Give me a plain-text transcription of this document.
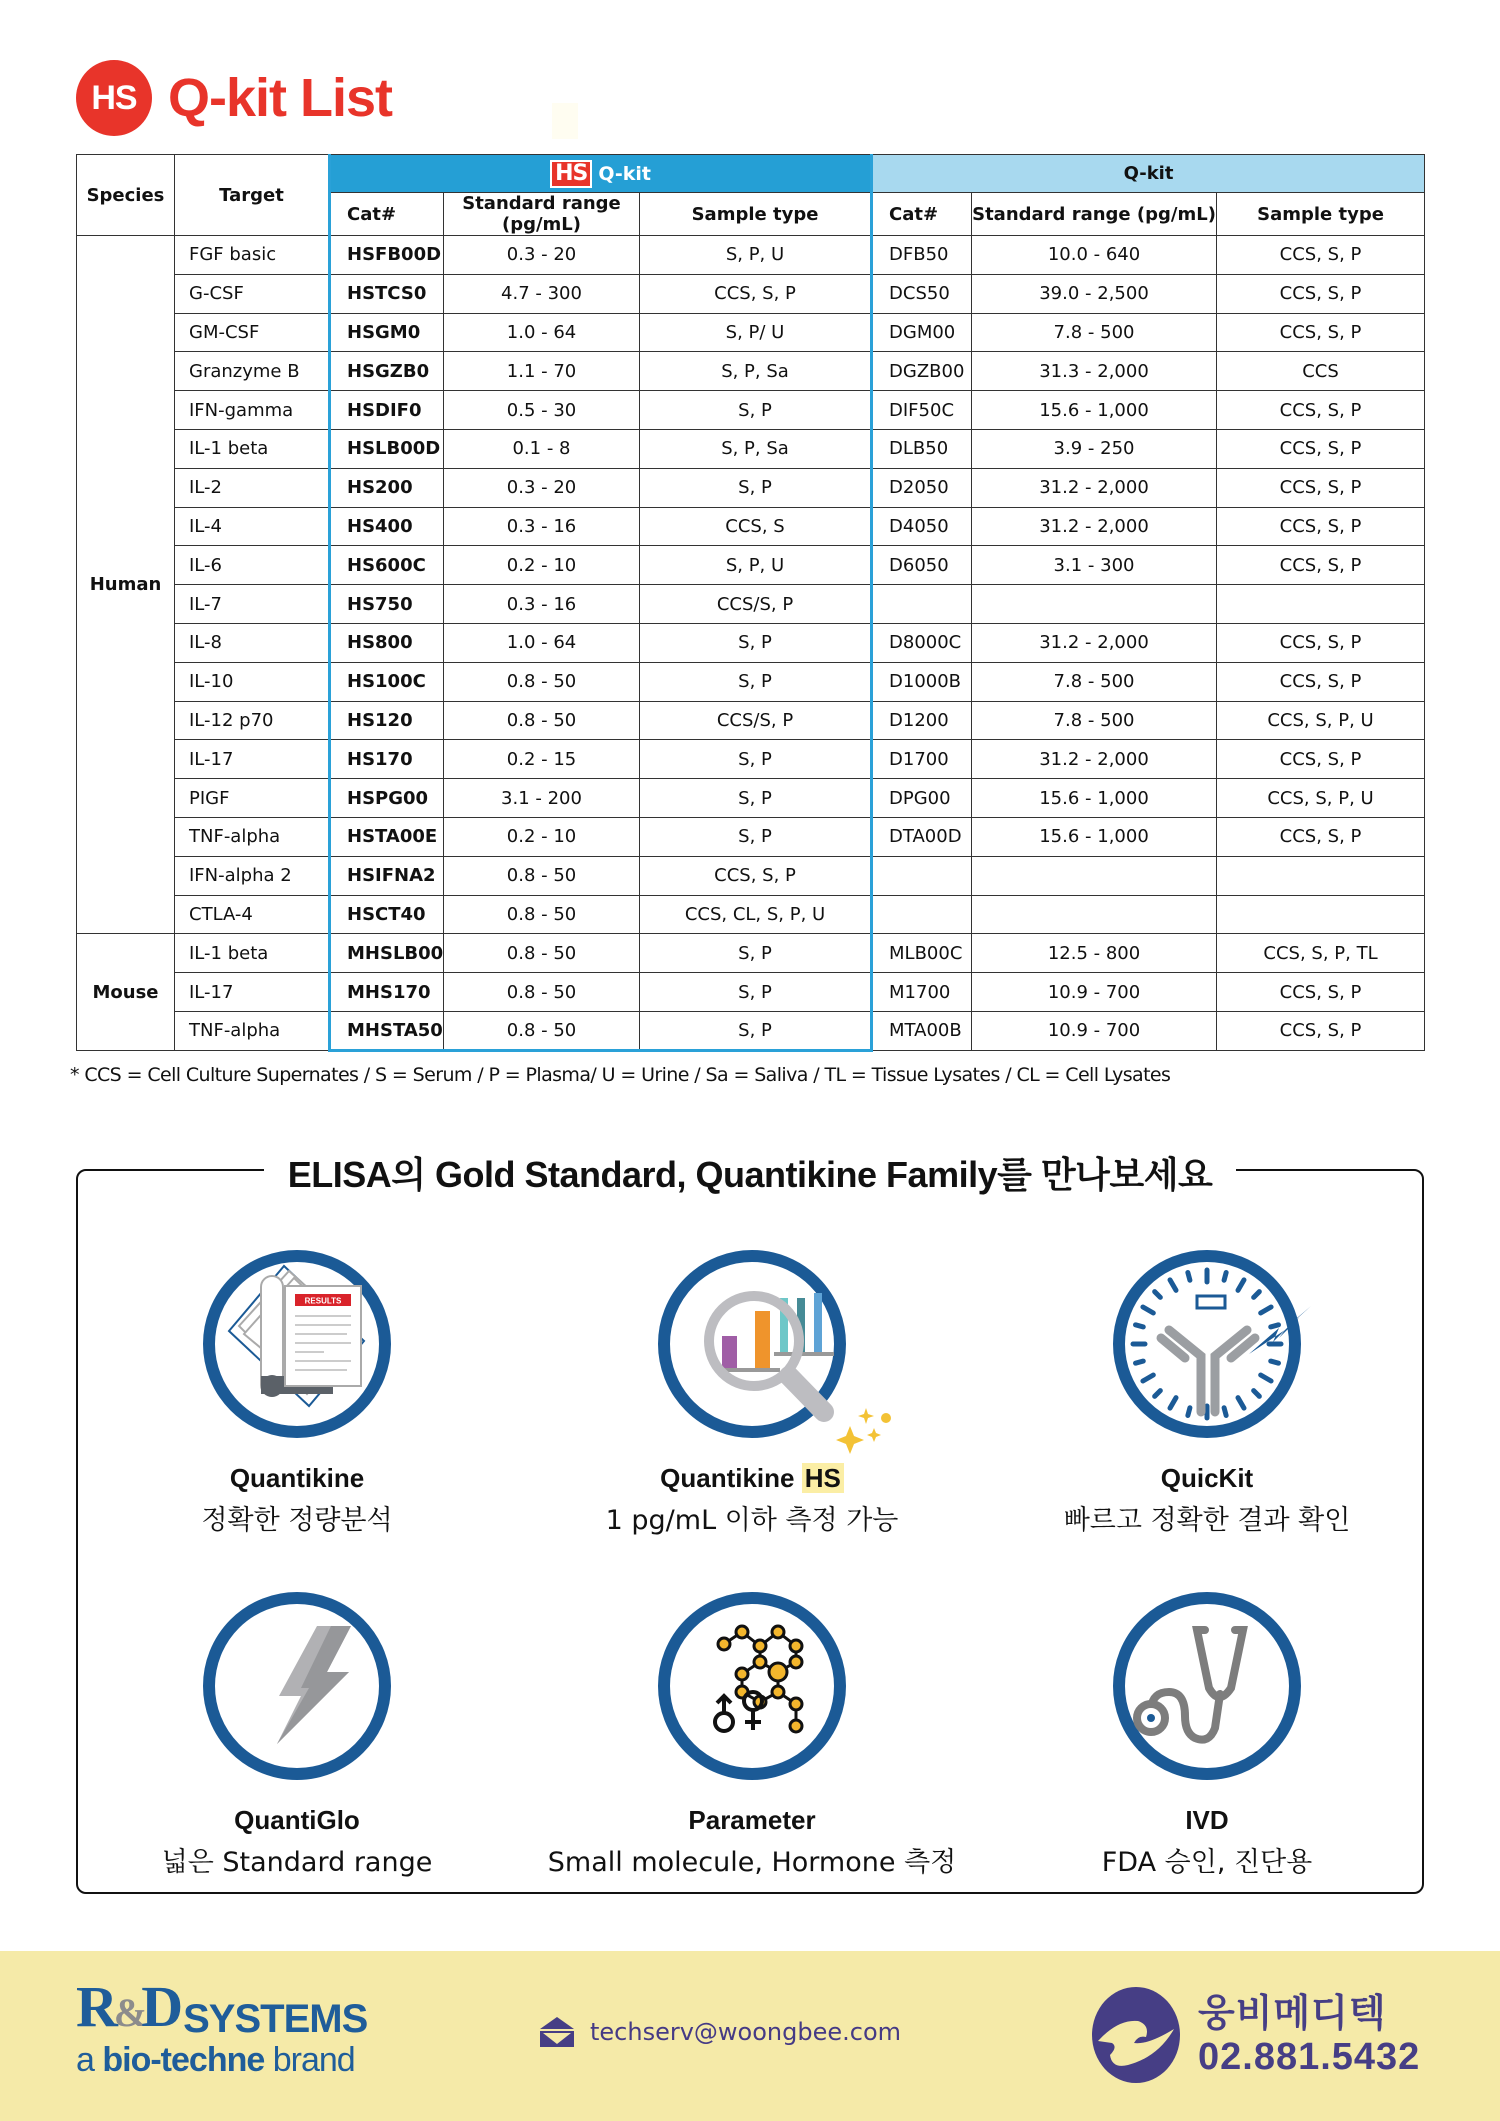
HS Q-kit List
Species	Target	HS Q-kit			Q-kit		
		Cat#	Standard range (pg/mL)	Sample type	Cat#	Standard range (pg/mL)	Sample type
Human	FGF basic	HSFB00D	0.3 - 20	S, P, U	DFB50	10.0 - 640	CCS, S, P
	G-CSF	HSTCS0	4.7 - 300	CCS, S, P	DCS50	39.0 - 2,500	CCS, S, P
	GM-CSF	HSGM0	1.0 - 64	S, P/ U	DGM00	7.8 - 500	CCS, S, P
	Granzyme B	HSGZB0	1.1 - 70	S, P, Sa	DGZB00	31.3 - 2,000	CCS
	IFN-gamma	HSDIF0	0.5 - 30	S, P	DIF50C	15.6 - 1,000	CCS, S, P
	IL-1 beta	HSLB00D	0.1 - 8	S, P, Sa	DLB50	3.9 - 250	CCS, S, P
	IL-2	HS200	0.3 - 20	S, P	D2050	31.2 - 2,000	CCS, S, P
	IL-4	HS400	0.3 - 16	CCS, S	D4050	31.2 - 2,000	CCS, S, P
	IL-6	HS600C	0.2 - 10	S, P, U	D6050	3.1 - 300	CCS, S, P
	IL-7	HS750	0.3 - 16	CCS/S, P			
	IL-8	HS800	1.0 - 64	S, P	D8000C	31.2 - 2,000	CCS, S, P
	IL-10	HS100C	0.8 - 50	S, P	D1000B	7.8 - 500	CCS, S, P
	IL-12 p70	HS120	0.8 - 50	CCS/S, P	D1200	7.8 - 500	CCS, S, P, U
	IL-17	HS170	0.2 - 15	S, P	D1700	31.2 - 2,000	CCS, S, P
	PIGF	HSPG00	3.1 - 200	S, P	DPG00	15.6 - 1,000	CCS, S, P, U
	TNF-alpha	HSTA00E	0.2 - 10	S, P	DTA00D	15.6 - 1,000	CCS, S, P
	IFN-alpha 2	HSIFNA2	0.8 - 50	CCS, S, P			
	CTLA-4	HSCT40	0.8 - 50	CCS, CL, S, P, U			
Mouse	IL-1 beta	MHSLB00	0.8 - 50	S, P	MLB00C	12.5 - 800	CCS, S, P, TL
	IL-17	MHS170	0.8 - 50	S, P	M1700	10.9 - 700	CCS, S, P
	TNF-alpha	MHSTA50	0.8 - 50	S, P	MTA00B	10.9 - 700	CCS, S, P
* CCS = Cell Culture Supernates / S = Serum / P = Plasma/ U = Urine / Sa = Saliva / TL = Tissue Lysates / CL = Cell Lysates
ELISA의 Gold Standard, Quantikine Family를 만나보세요
RESULTS
Quantikine
정확한 정량분석
Quantikine HS
1 pg/mL 이하 측정 가능
QuicKit
빠르고 정확한 결과 확인
QuantiGlo
넓은 Standard range
Parameter
Small molecule, Hormone 측정
IVD
FDA 승인, 진단용
R&D SYSTEMS
a bio-techne brand
techserv@woongbee.com	웅비메디텍
02.881.5432
